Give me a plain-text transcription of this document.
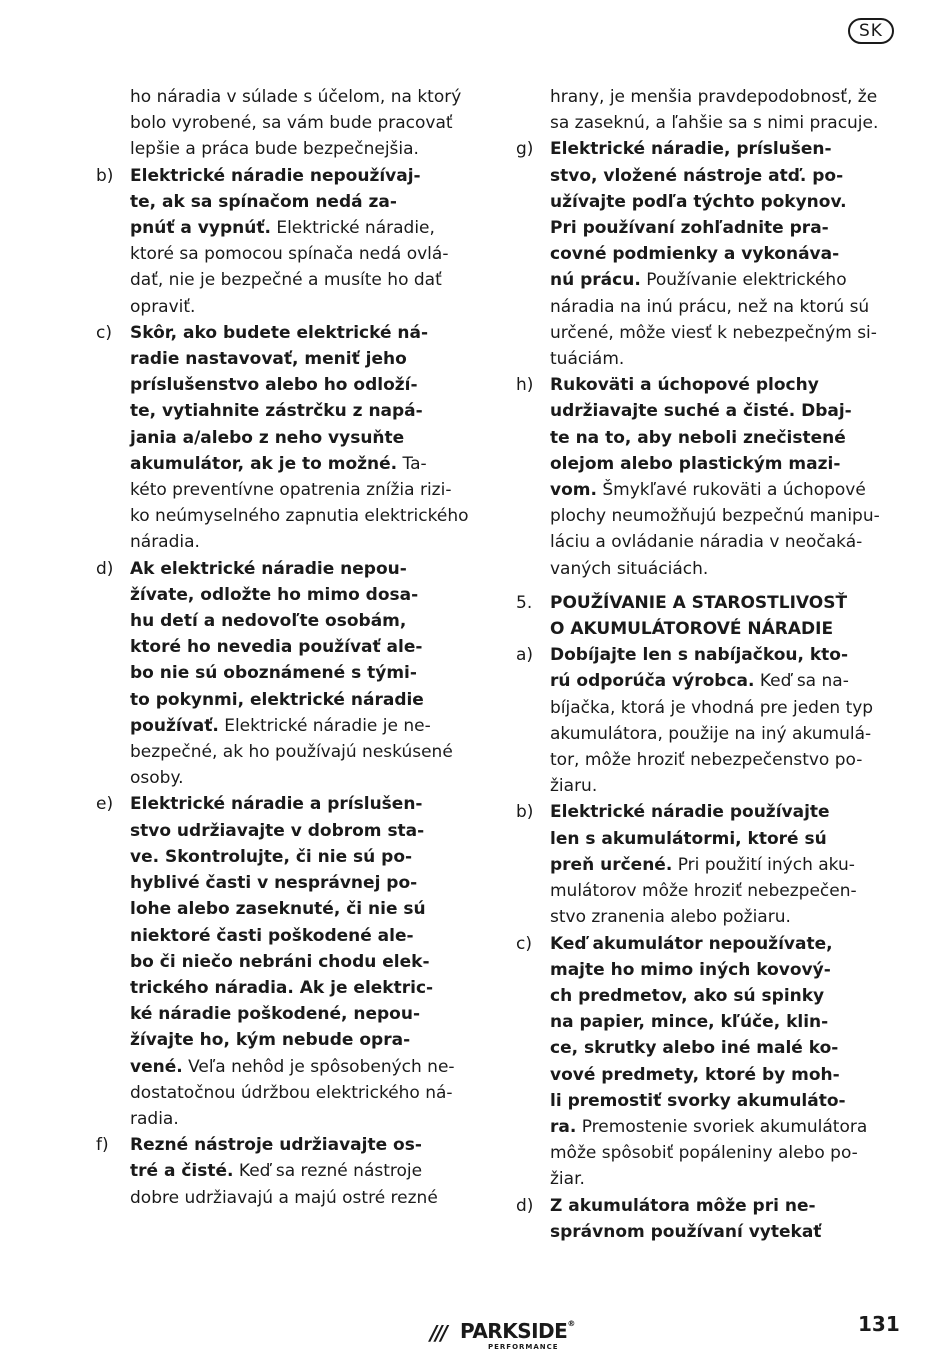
SK
ho náradia v súlade s účelom, na ktorý
bolo vyrobené, sa vám bude pracovať
lepšie a práca bude bezpečnejšia.
b) Elektrické náradie nepoužívaj-
te, ak sa spínačom nedá za-
pnúť a vypnúť. Elektrické náradie,
ktoré sa pomocou spínača nedá ovlá-
dať, nie je bezpečné a musíte ho dať
opraviť.
c) Skôr, ako budete elektrické ná-
radie nastavovať, meniť jeho
príslušenstvo alebo ho odloží-
te, vytiahnite zástrčku z napá-
jania a/alebo z neho vysuňte
akumulátor, ak je to možné. Ta-
kéto preventívne opatrenia znížia rizi-
ko neúmyselného zapnutia elektrického
náradia.
d) Ak elektrické náradie nepou-
žívate, odložte ho mimo dosa-
hu detí a nedovoľte osobám,
ktoré ho nevedia používať ale-
bo nie sú oboznámené s tými-
to pokynmi, elektrické náradie
používať. Elektrické náradie je ne-
bezpečné, ak ho používajú neskúsené
osoby.
e) Elektrické náradie a príslušen-
stvo udržiavajte v dobrom sta-
ve. Skontrolujte, či nie sú po-
hyblivé časti v nesprávnej po-
lohe alebo zaseknuté, či nie sú
niektoré časti poškodené ale-
bo či niečo nebráni chodu elek-
trického náradia. Ak je elektric-
ké náradie poškodené, nepou-
žívajte ho, kým nebude opra-
vené. Veľa nehôd je spôsobených ne-
dostatočnou údržbou elektrického ná-
radia.
f) Rezné nástroje udržiavajte os-
tré a čisté. Keď sa rezné nástroje
dobre udržiavajú a majú ostré rezné
hrany, je menšia pravdepodobnosť, že
sa zaseknú, a ľahšie sa s nimi pracuje.
g) Elektrické náradie, príslušen-
stvo, vložené nástroje atď. po-
užívajte podľa týchto pokynov.
Pri používaní zohľadnite pra-
covné podmienky a vykonáva-
nú prácu. Používanie elektrického
náradia na inú prácu, než na ktorú sú
určené, môže viesť k nebezpečným si-
tuáciám.
h) Rukoväti a úchopové plochy
udržiavajte suché a čisté. Dbaj-
te na to, aby neboli znečistené
olejom alebo plastickým mazi-
vom. Šmykľavé rukoväti a úchopové
plochy neumožňujú bezpečnú manipu-
láciu a ovládanie náradia v neočaká-
vaných situáciách.
5. POUŽÍVANIE A STAROSTLIVOSŤ
O AKUMULÁTOROVÉ NÁRADIE
a) Dobíjajte len s nabíjačkou, kto-
rú odporúča výrobca. Keď sa na-
bíjačka, ktorá je vhodná pre jeden typ
akumulátora, použije na iný akumulá-
tor, môže hroziť nebezpečenstvo po-
žiaru.
b) Elektrické náradie používajte
len s akumulátormi, ktoré sú
preň určené. Pri použití iných aku-
mulátorov môže hroziť nebezpečen-
stvo zranenia alebo požiaru.
c) Keď akumulátor nepoužívate,
majte ho mimo iných kovový-
ch predmetov, ako sú spinky
na papier, mince, kľúče, klin-
ce, skrutky alebo iné malé ko-
vové predmety, ktoré by moh-
li premostiť svorky akumuláto-
ra. Premostenie svoriek akumulátora
môže spôsobiť popáleniny alebo po-
žiar.
d) Z akumulátora môže pri ne-
správnom používaní vytekať
/// PARKSIDE®
PERFORMANCE
131
